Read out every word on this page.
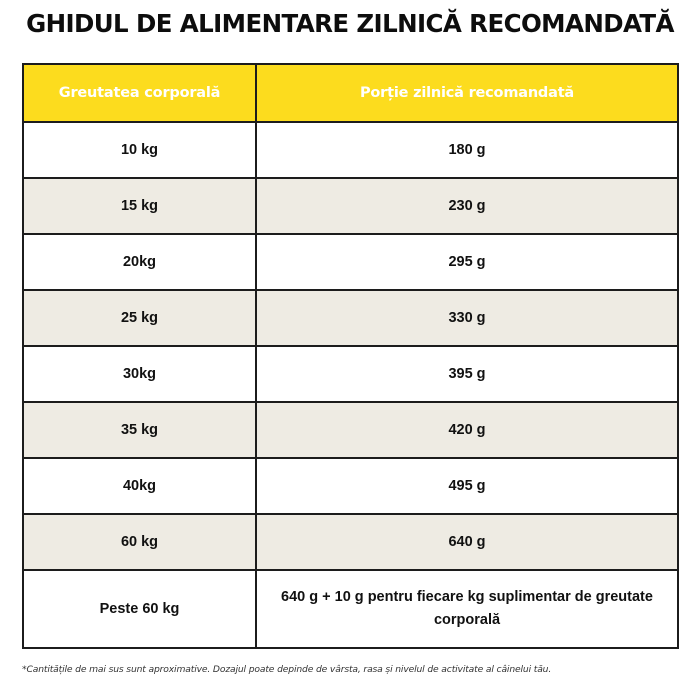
GHIDUL DE ALIMENTARE ZILNICĂ RECOMANDATĂ
Greutatea corporală	Porție zilnică recomandată
10 kg	180 g
15 kg	230 g
20kg	295 g
25 kg	330 g
30kg	395 g
35 kg	420 g
40kg	495 g
60 kg	640 g
Peste 60 kg	640 g + 10 g pentru fiecare kg suplimentar de greutate corporală
*Cantitățile de mai sus sunt aproximative. Dozajul poate depinde de vârsta, rasa și nivelul de activitate al câinelui tău.
